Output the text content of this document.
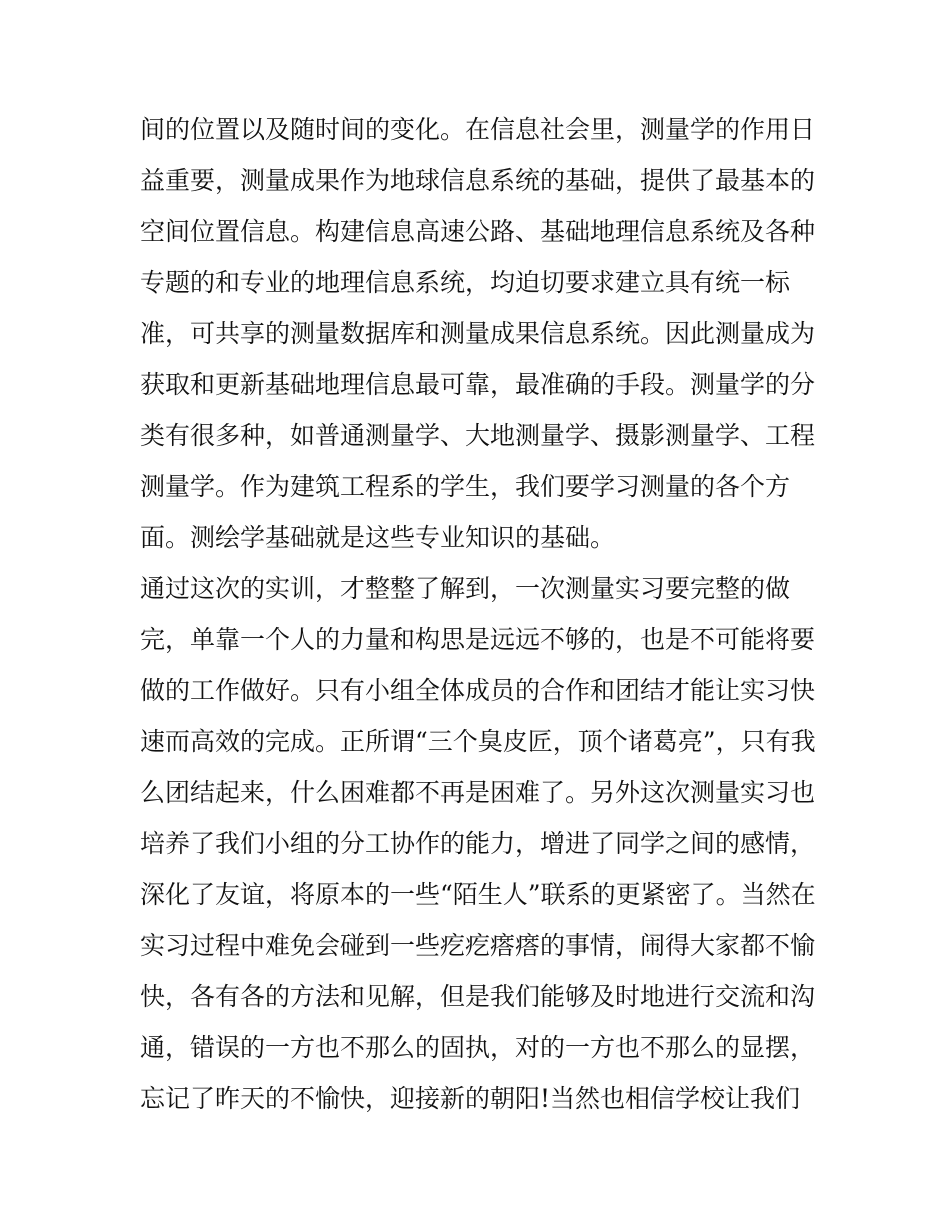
间的位置以及随时间的变化。在信息社会里，测量学的作用日
益重要，测量成果作为地球信息系统的基础，提供了最基本的
空间位置信息。构建信息高速公路、基础地理信息系统及各种
专题的和专业的地理信息系统，均迫切要求建立具有统一标
准，可共享的测量数据库和测量成果信息系统。因此测量成为
获取和更新基础地理信息最可靠，最准确的手段。测量学的分
类有很多种，如普通测量学、大地测量学、摄影测量学、工程
测量学。作为建筑工程系的学生，我们要学习测量的各个方
面。测绘学基础就是这些专业知识的基础。
通过这次的实训，才整整了解到，一次测量实习要完整的做
完，单靠一个人的力量和构思是远远不够的，也是不可能将要
做的工作做好。只有小组全体成员的合作和团结才能让实习快
速而高效的完成。正所谓“三个臭皮匠，顶个诸葛亮”，只有我
么团结起来，什么困难都不再是困难了。另外这次测量实习也
培养了我们小组的分工协作的能力，增进了同学之间的感情，
深化了友谊，将原本的一些“陌生人”联系的更紧密了。当然在
实习过程中难免会碰到一些疙疙瘩瘩的事情，闹得大家都不愉
快，各有各的方法和见解，但是我们能够及时地进行交流和沟
通，错误的一方也不那么的固执，对的一方也不那么的显摆，
忘记了昨天的不愉快，迎接新的朝阳!当然也相信学校让我们
